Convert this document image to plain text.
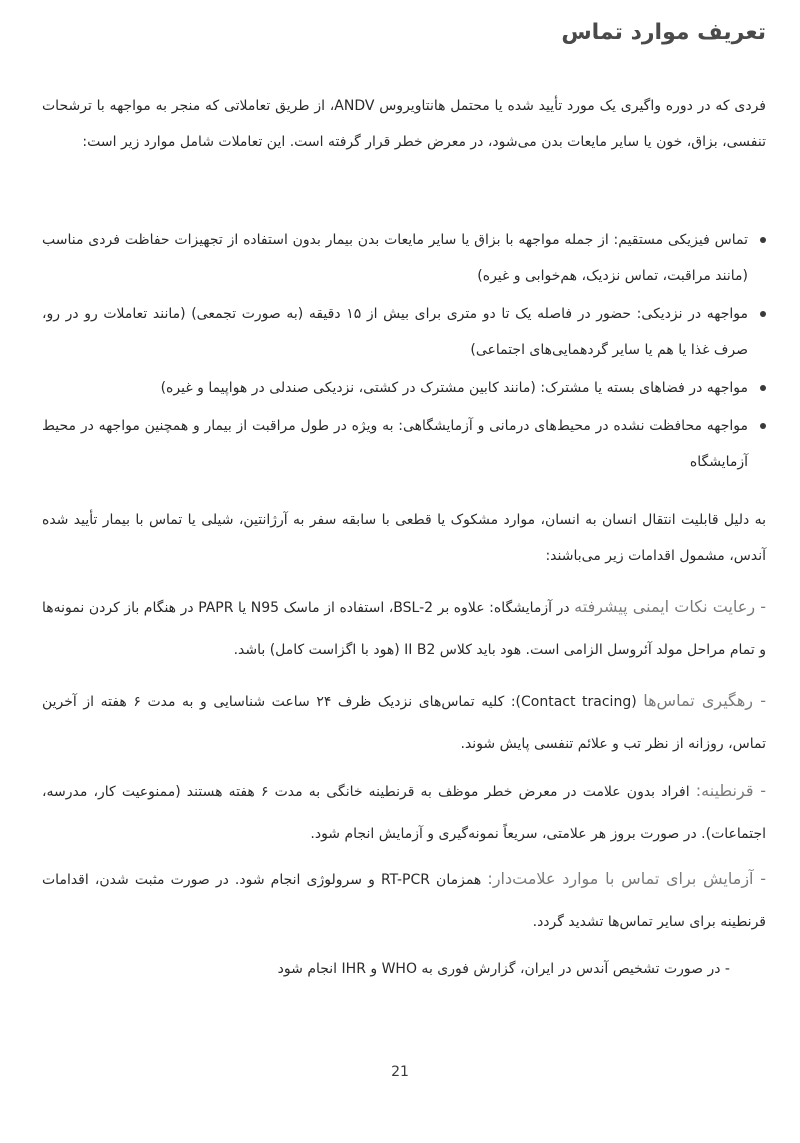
تعریف موارد تماس

فردی که در دوره واگیری یک مورد تأیید شده یا محتمل هانتاویروس ANDV، از طریق تعاملاتی که منجر به مواجهه با ترشحات تنفسی، بزاق، خون یا سایر مایعات بدن می‌شود، در معرض خطر قرار گرفته است. این تعاملات شامل موارد زیر است:

تماس فیزیکی مستقیم: از جمله مواجهه با بزاق یا سایر مایعات بدن بیمار بدون استفاده از تجهیزات حفاظت فردی مناسب (مانند مراقبت، تماس نزدیک، هم‌خوابی و غیره)
مواجهه در نزدیکی: حضور در فاصله یک تا دو متری برای بیش از ۱۵ دقیقه (به صورت تجمعی) (مانند تعاملات رو در رو، صرف غذا یا هم یا سایر گردهمایی‌های اجتماعی)
مواجهه در فضاهای بسته یا مشترک: (مانند کابین مشترک در کشتی، نزدیکی صندلی در هواپیما و غیره)
مواجهه محافظت نشده در محیط‌های درمانی و آزمایشگاهی: به ویژه در طول مراقبت از بیمار و همچنین مواجهه در محیط آزمایشگاه

به دلیل قابلیت انتقال انسان به انسان، موارد مشکوک یا قطعی با سابقه سفر به آرژانتین، شیلی یا تماس با بیمار تأیید شده آندس، مشمول اقدامات زیر می‌باشند:

- رعایت نکات ایمنی پیشرفته در آزمایشگاه: علاوه بر BSL-2، استفاده از ماسک N95 یا PAPR در هنگام باز کردن نمونه‌ها و تمام مراحل مولد آئروسل الزامی است. هود باید کلاس II B2 (هود با اگزاست کامل) باشد.

- رهگیری تماس‌ها (Contact tracing): کلیه تماس‌های نزدیک ظرف ۲۴ ساعت شناسایی و به مدت ۶ هفته از آخرین تماس، روزانه از نظر تب و علائم تنفسی پایش شوند.

- قرنطینه: افراد بدون علامت در معرض خطر موظف به قرنطینه خانگی به مدت ۶ هفته هستند (ممنوعیت کار، مدرسه، اجتماعات). در صورت بروز هر علامتی، سریعاً نمونه‌گیری و آزمایش انجام شود.

- آزمایش برای تماس با موارد علامت‌دار: همزمان RT-PCR و سرولوژی انجام شود. در صورت مثبت شدن، اقدامات قرنطینه برای سایر تماس‌ها تشدید گردد.

- در صورت تشخیص آندس در ایران، گزارش فوری به WHO و IHR انجام شود

21
